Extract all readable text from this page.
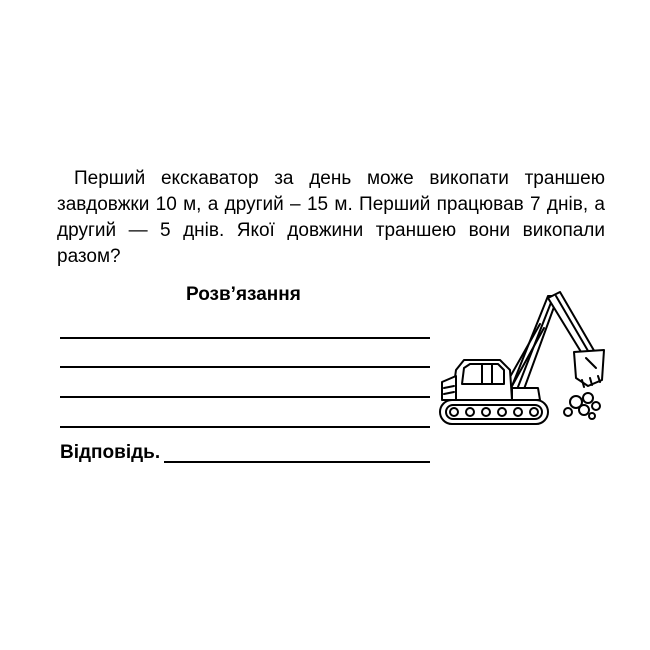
Перший екскаватор за день може викопати траншею завдовжки 10 м, а другий – 15 м. Перший працював 7 днів, а другий — 5 днів. Якої довжини траншею вони викопали разом?

Розв’язання

Відповідь.
